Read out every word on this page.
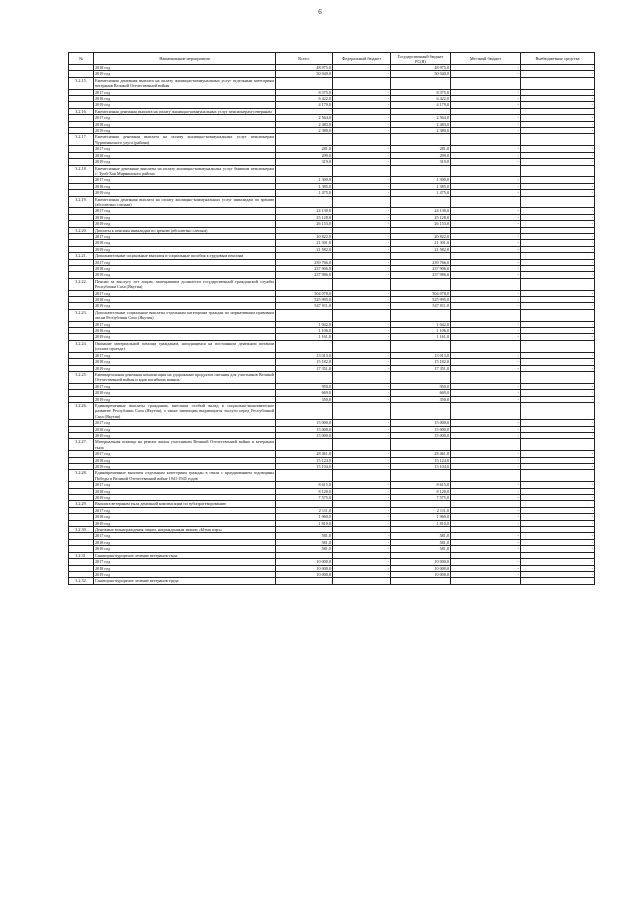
6
№	Наименование мероприятия	Всего:	Федеральный бюджет	Государственный бюджет РС(Я)	Местный бюджет	Внебюджетные средства
	2018 год	48 975,0	-	48 975,0	-	-
	2019 год	50 040,0	-	50 040,0	-	-
3.2.15.	Ежемесячная денежная выплата на оплату жилищно-коммунальных услуг отдельным категориям ветеранов Великой Отечественной войны					
	2017 год	8 375,0	-	8 375,0	-	-
	2018 год	6 422,0	-	6 422,0	-	-
	2019 год	4 179,0	-	4 179,0	-	-
3.2.16.	Ежемесячная денежная выплата на оплату жилищно-коммунальных услуг пенсионерам-северянам					
	2017 год	2 564,0	-	2 564,0	-	-
	2018 год	2 483,0	-	2 483,0	-	-
	2019 год	2 380,0	-	2 380,0	-	-
3.2.17.	Ежемесячная денежная выплата на оплату жилищно-коммунальных услуг пенсионерам Чурапчинского улуса (района)					
	2017 год	281,0	-	281,0	-	-
	2018 год	299,0	-	299,0	-	-
	2019 год	319,0	-	319,0	-	-
3.2.18.	Ежемесячные денежные выплаты на оплату жилищно-коммунальных услуг бывшим пенсионерам с. Туой-Хая Мирнинского района					
	2017 год	1 300,0	-	1 300,0	-	-
	2018 год	1 385,0	-	1 385,0	-	-
	2019 год	1 475,0	-	1 475,0	-	-
3.2.19.	Ежемесячная денежная выплата на оплату жилищно-коммунальных услуг инвалидам по зрению (абсолютно слепым)					
	2017 год	24 130,0	-	24 130,0	-	-
	2018 год	25 128,0	-	25 128,0	-	-
	2019 год	26 153,0	-	26 153,0	-	-
3.2.20.	Доплаты к пенсиям инвалидам по зрению (абсолютно слепым)					
	2017 год	20 822,0	-	20 822,0	-	-
	2018 год	21 301,0	-	21 301,0	-	-
	2019 год	21 582,0	-	21 582,0	-	-
3.2.21.	Дополнительные социальные выплаты и социальные пособия к трудовым пенсиям					
	2017 год	239 766,0	-	239 766,0	-	-
	2018 год	237 906,0	-	237 906,0	-	-
	2019 год	237 986,0	-	237 986,0	-	-
3.2.22.	Пенсии за выслугу лет лицам, замещавшим должности государственной гражданской службы Республики Саха (Якутия)					
	2017 год	504 078,0	-	504 078,0	-	-
	2018 год	525 995,0	-	525 995,0	-	-
	2019 год	547 911,0	-	547 911,0	-	-
3.2.23.	Дополнительные социальные выплаты отдельным категориям граждан по нормативным правовым актам Республики Саха (Якутия)					
	2017 год	1 042,0	-	1 042,0	-	-
	2018 год	1 106,0	-	1 106,0	-	-
	2019 год	1 161,0	-	1 161,0	-	-
3.2.24.	Оказание материальной помощи гражданам, находящимся на постоянном денежном питании (оплата проезда)					
	2017 год	13 013,0	-	13 013,0	-	-
	2018 год	15 182,0	-	15 182,0	-	-
	2019 год	17 351,0	-	17 351,0	-	-
3.2.25.	Ежеквартальная денежная компенсация на удорожание продуктов питания для участников Великой Отечественной войны и вдов погибших воинов					
	2017 год	950,0	-	950,0	-	-
	2018 год	669,0	-	669,0	-	-
	2019 год	350,0	-	350,0	-	-
3.2.26.	Единовременные выплаты гражданам, внесшим особый вклад в социально-экономическое развитие Республики Саха (Якутия), а также имеющим выдающиеся заслуги перед Республикой Саха (Якутия)					
	2017 год	15 000,0	-	15 000,0	-	-
	2018 год	15 000,0	-	15 000,0	-	-
	2019 год	15 000,0	-	15 000,0	-	-
3.2.27.	Материальная помощь на ремонт жилья участникам Великой Отечественной войны и ветеранам тыла					
	2017 год	28 461,8	-	28 461,8	-	-
	2018 год	15 124,0	-	15 124,0	-	-
	2019 год	15 104,0	-	15 104,0	-	-
3.2.28.	Единовременные выплаты отдельным категориям граждан в связи с празднованием годовщины Победы в Великой Отечественной войне 1941-1945 годов					
	2017 год	8 615,0	-	8 615,0	-	-
	2018 год	8 120,0	-	8 120,0	-	-
	2019 год	7 575,0	-	7 575,0	-	-
3.2.29.	Выплата ветеранам тыла денежной компенсации по зубопротезированию					
	2017 год	2 111,0	-	2 111,0	-	-
	2018 год	1 960,0	-	1 960,0	-	-
	2019 год	1 810,0	-	1 810,0	-	-
3.2.30.	Денежные вознаграждения лицам, награжденным знаком «Ытык кэрэ»					
	2017 год	581,0	-	581,0	-	-
	2018 год	581,0	-	581,0	-	-
	2019 год	581,0	-	581,0	-	-
3.2.31.	Санаторно-курортное лечение ветеранов тыла					
	2017 год	10 000,0	-	10 000,0	-	-
	2018 год	10 000,0	-	10 000,0	-	-
	2019 год	10 000,0	-	10 000,0	-	-
3.2.32.	Санаторно-курортное лечение ветеранов труда					
